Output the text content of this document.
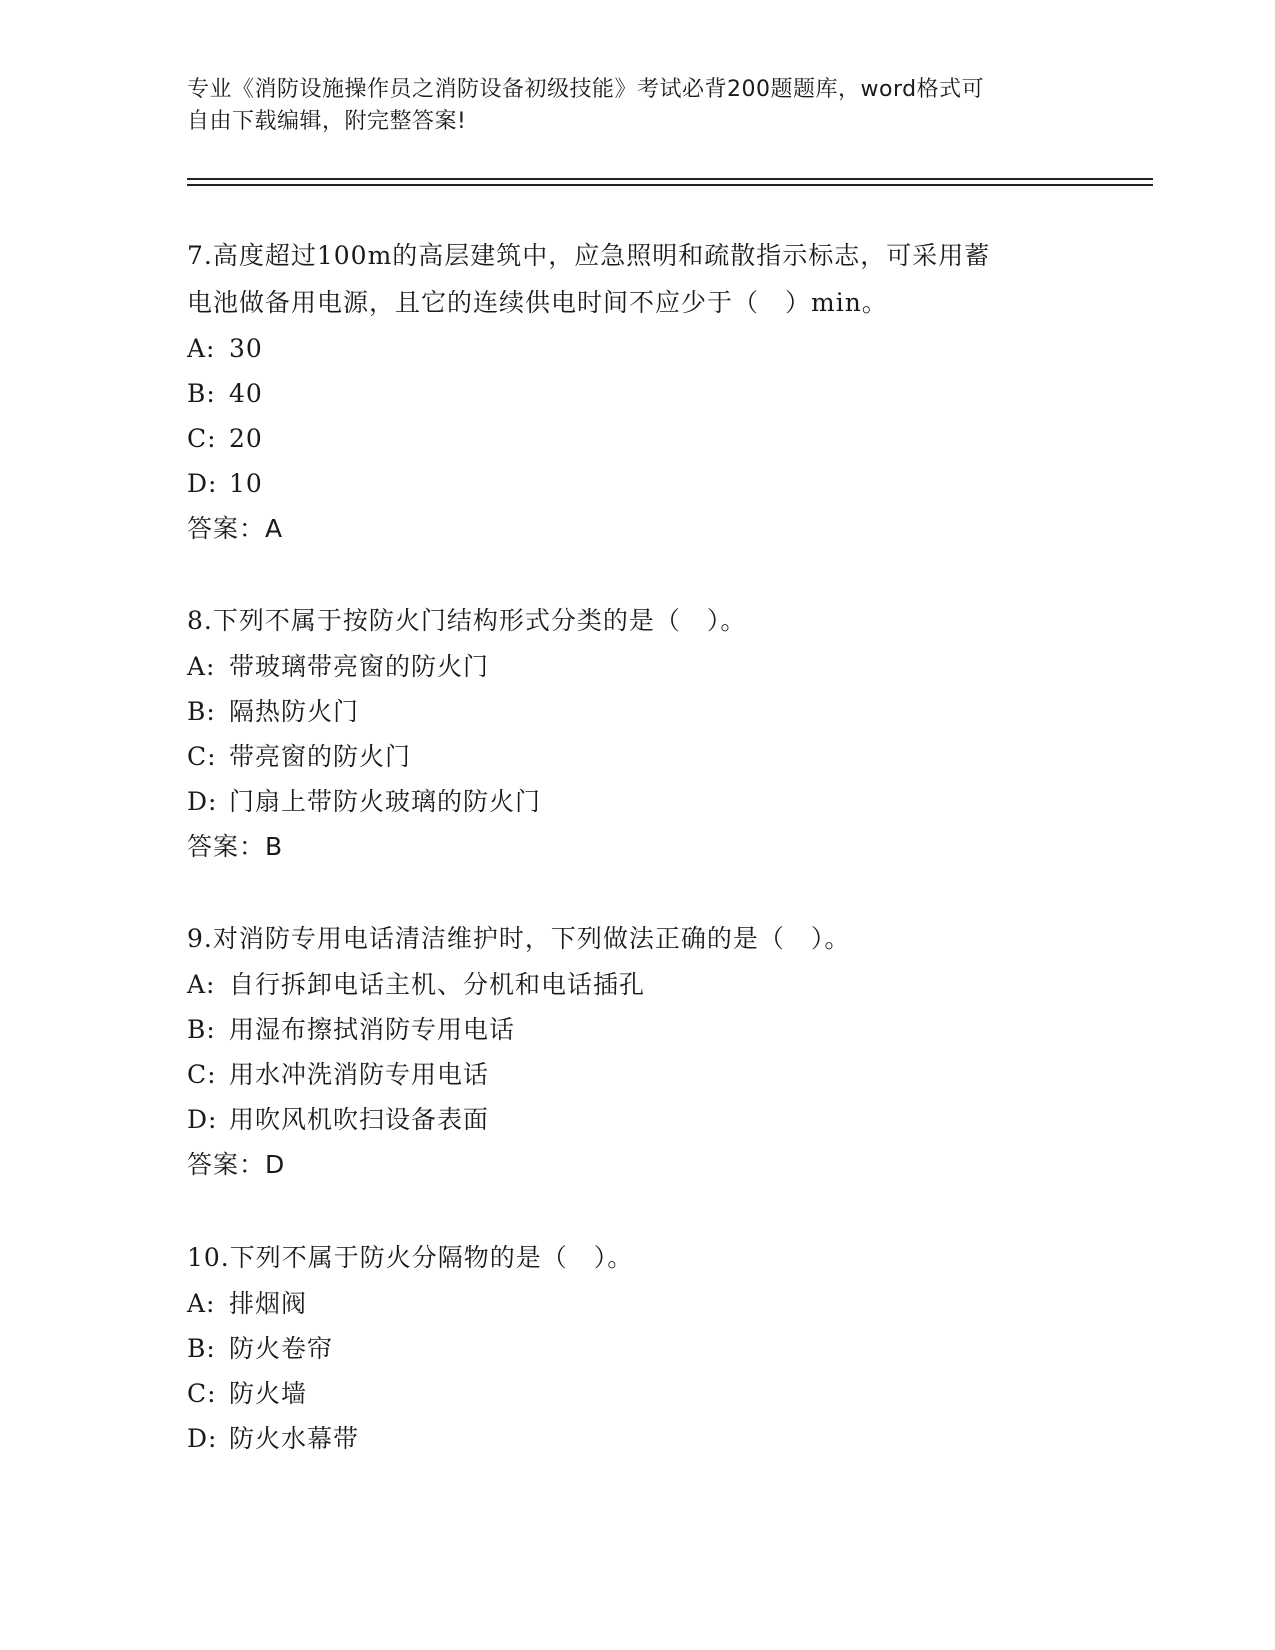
专业《消防设施操作员之消防设备初级技能》考试必背200题题库，word格式可
自由下载编辑，附完整答案!

7.高度超过100m的高层建筑中，应急照明和疏散指示标志，可采用蓄

电池做备用电源，且它的连续供电时间不应少于（　）min。

A: 30

B: 40

C: 20

D: 10

答案：A

8.下列不属于按防火门结构形式分类的是（　）。

A: 带玻璃带亮窗的防火门

B: 隔热防火门

C: 带亮窗的防火门

D: 门扇上带防火玻璃的防火门

答案：B

9.对消防专用电话清洁维护时，下列做法正确的是（　）。

A: 自行拆卸电话主机、分机和电话插孔

B: 用湿布擦拭消防专用电话

C: 用水冲洗消防专用电话

D: 用吹风机吹扫设备表面

答案：D

10.下列不属于防火分隔物的是（　）。

A: 排烟阀

B: 防火卷帘

C: 防火墙

D: 防火水幕带
